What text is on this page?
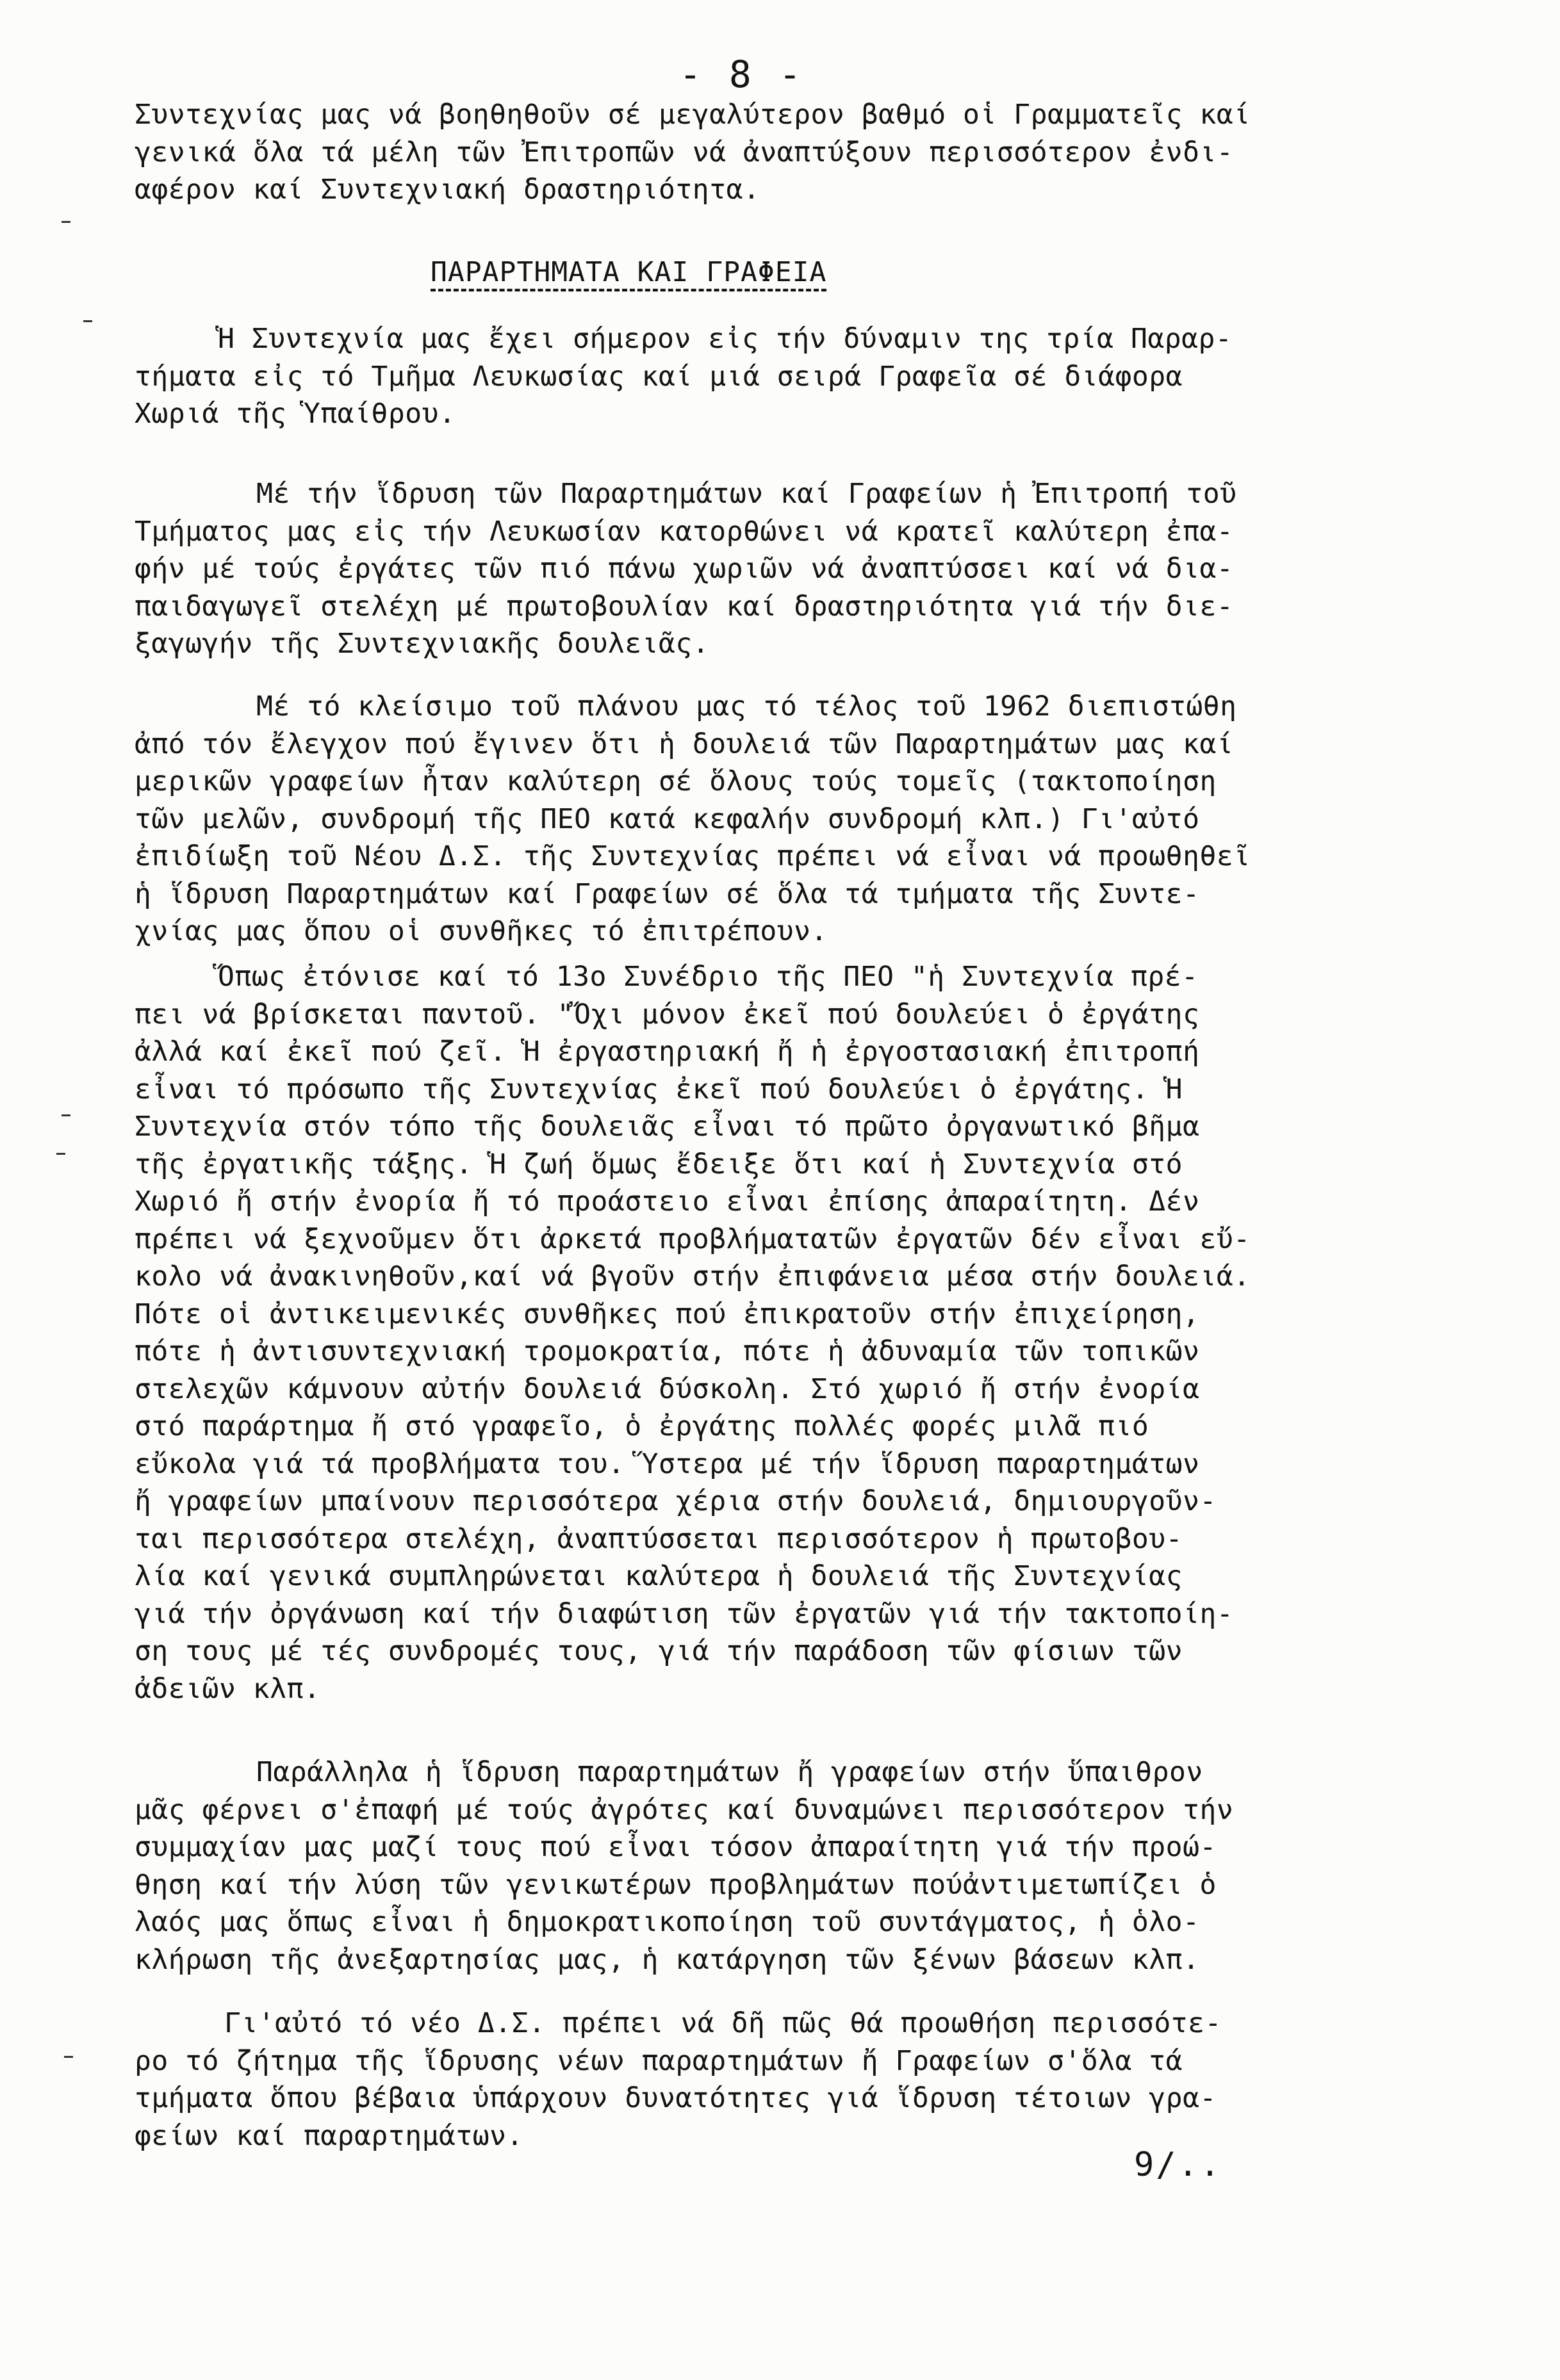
- 8 -
Συντεχνίας μας νά βοηθηθοῦν σέ μεγαλύτερον βαθμό οἱ Γραμματεῖς καί
γενικά ὅλα τά μέλη τῶν Ἐπιτροπῶν νά ἀναπτύξουν περισσότερον ἐνδι-
αφέρον καί Συντεχνιακή δραστηριότητα.
ΠΑΡΑΡΤΗΜΑΤΑ ΚΑΙ ΓΡΑΦΕΙΑ
Ἡ Συντεχνία μας ἔχει σήμερον εἰς τήν δύναμιν της τρία Παραρ-
τήματα εἰς τό Τμῆμα Λευκωσίας καί μιά σειρά Γραφεῖα σέ διάφορα
Χωριά τῆς Ὑπαίθρου.
Μέ τήν ἵδρυση τῶν Παραρτημάτων καί Γραφείων ἡ Ἐπιτροπή τοῦ
Τμήματος μας εἰς τήν Λευκωσίαν κατορθώνει νά κρατεῖ καλύτερη ἐπα-
φήν μέ τούς ἐργάτες τῶν πιό πάνω χωριῶν νά ἀναπτύσσει καί νά δια-
παιδαγωγεῖ στελέχη μέ πρωτοβουλίαν καί δραστηριότητα γιά τήν διε-
ξαγωγήν τῆς Συντεχνιακῆς δουλειᾶς.
Μέ τό κλείσιμο τοῦ πλάνου μας τό τέλος τοῦ 1962 διεπιστώθη
ἀπό τόν ἔλεγχον πού ἔγινεν ὅτι ἡ δουλειά τῶν Παραρτημάτων μας καί
μερικῶν γραφείων ἦταν καλύτερη σέ ὅλους τούς τομεῖς (τακτοποίηση
τῶν μελῶν, συνδρομή τῆς ΠΕΟ κατά κεφαλήν συνδρομή κλπ.) Γι'αὐτό
ἐπιδίωξη τοῦ Νέου Δ.Σ. τῆς Συντεχνίας πρέπει νά εἶναι νά προωθηθεῖ
ἡ ἵδρυση Παραρτημάτων καί Γραφείων σέ ὅλα τά τμήματα τῆς Συντε-
χνίας μας ὅπου οἱ συνθῆκες τό ἐπιτρέπουν.
Ὅπως ἐτόνισε καί τό 13ο Συνέδριο τῆς ΠΕΟ "ἡ Συντεχνία πρέ-
πει νά βρίσκεται παντοῦ. "Ὄχι μόνον ἐκεῖ πού δουλεύει ὁ ἐργάτης
ἀλλά καί ἐκεῖ πού ζεῖ. Ἡ ἐργαστηριακή ἤ ἡ ἐργοστασιακή ἐπιτροπή
εἶναι τό πρόσωπο τῆς Συντεχνίας ἐκεῖ πού δουλεύει ὁ ἐργάτης. Ἡ
Συντεχνία στόν τόπο τῆς δουλειᾶς εἶναι τό πρῶτο ὀργανωτικό βῆμα
τῆς ἐργατικῆς τάξης. Ἡ ζωή ὅμως ἔδειξε ὅτι καί ἡ Συντεχνία στό
Χωριό ἤ στήν ἐνορία ἤ τό προάστειο εἶναι ἐπίσης ἀπαραίτητη. Δέν
πρέπει νά ξεχνοῦμεν ὅτι ἀρκετά προβλήματατῶν ἐργατῶν δέν εἶναι εὔ-
κολο νά ἀνακινηθοῦν,καί νά βγοῦν στήν ἐπιφάνεια μέσα στήν δουλειά.
Πότε οἱ ἀντικειμενικές συνθῆκες πού ἐπικρατοῦν στήν ἐπιχείρηση,
πότε ἡ ἀντισυντεχνιακή τρομοκρατία, πότε ἡ ἀδυναμία τῶν τοπικῶν
στελεχῶν κάμνουν αὐτήν δουλειά δύσκολη. Στό χωριό ἤ στήν ἐνορία
στό παράρτημα ἤ στό γραφεῖο, ὁ ἐργάτης πολλές φορές μιλᾶ πιό
εὔκολα γιά τά προβλήματα του. Ὕστερα μέ τήν ἵδρυση παραρτημάτων
ἤ γραφείων μπαίνουν περισσότερα χέρια στήν δουλειά, δημιουργοῦν-
ται περισσότερα στελέχη, ἀναπτύσσεται περισσότερον ἡ πρωτοβου-
λία καί γενικά συμπληρώνεται καλύτερα ἡ δουλειά τῆς Συντεχνίας
γιά τήν ὀργάνωση καί τήν διαφώτιση τῶν ἐργατῶν γιά τήν τακτοποίη-
ση τους μέ τές συνδρομές τους, γιά τήν παράδοση τῶν φίσιων τῶν
ἀδειῶν κλπ.
Παράλληλα ἡ ἵδρυση παραρτημάτων ἤ γραφείων στήν ὕπαιθρον
μᾶς φέρνει σ'ἐπαφή μέ τούς ἀγρότες καί δυναμώνει περισσότερον τήν
συμμαχίαν μας μαζί τους πού εἶναι τόσον ἀπαραίτητη γιά τήν προώ-
θηση καί τήν λύση τῶν γενικωτέρων προβλημάτων πούἀντιμετωπίζει ὁ
λαός μας ὅπως εἶναι ἡ δημοκρατικοποίηση τοῦ συντάγματος, ἡ ὁλο-
κλήρωση τῆς ἀνεξαρτησίας μας, ἡ κατάργηση τῶν ξένων βάσεων κλπ.
Γι'αὐτό τό νέο Δ.Σ. πρέπει νά δῆ πῶς θά προωθήση περισσότε-
ρο τό ζήτημα τῆς ἵδρυσης νέων παραρτημάτων ἤ Γραφείων σ'ὅλα τά
τμήματα ὅπου βέβαια ὑπάρχουν δυνατότητες γιά ἵδρυση τέτοιων γρα-
φείων καί παραρτημάτων.
9/..
